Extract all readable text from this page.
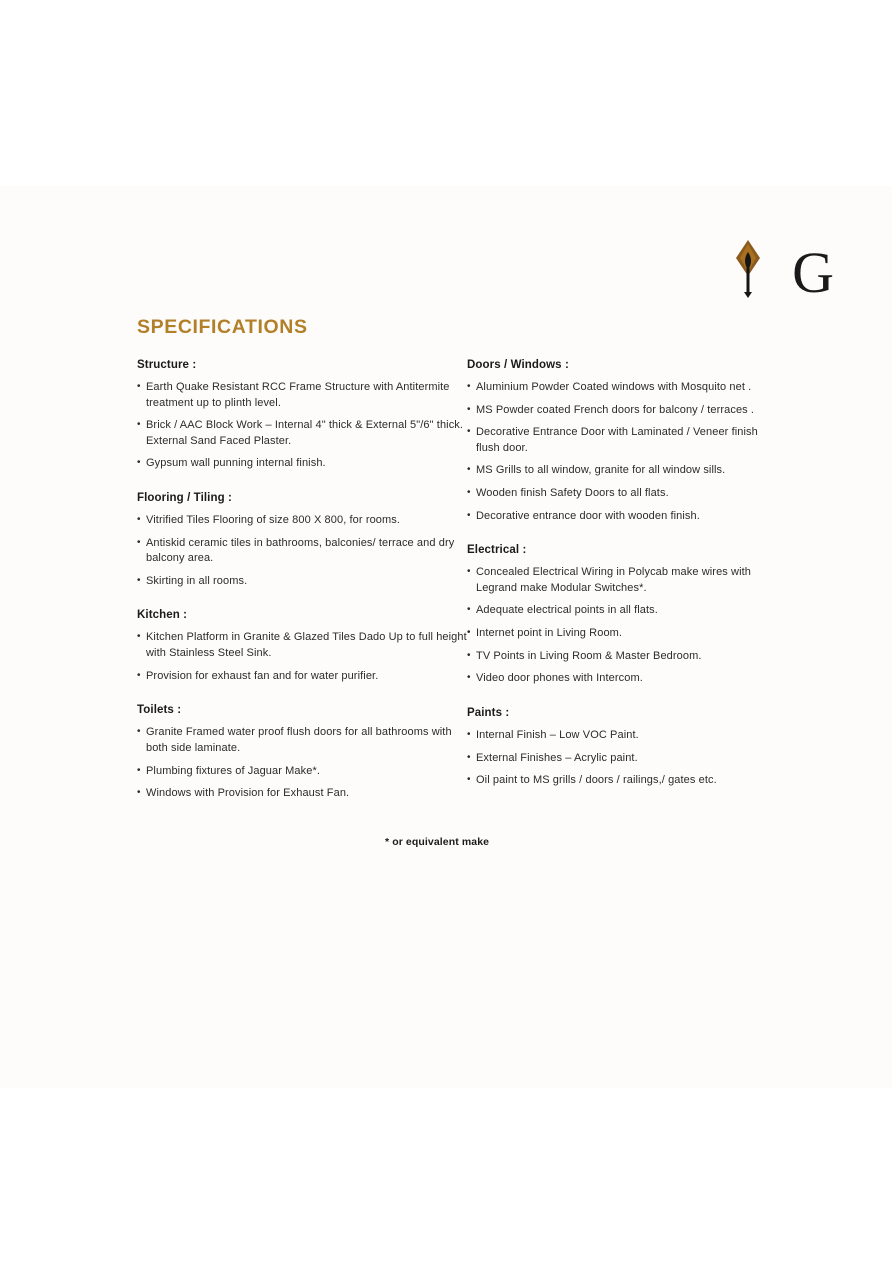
G
SPECIFICATIONS
Structure :
• Earth Quake Resistant RCC Frame Structure with Antitermite treatment up to plinth level.
• Brick / AAC Block Work – Internal 4" thick & External 5"/6" thick. External Sand Faced Plaster.
• Gypsum wall punning internal finish.
Flooring / Tiling :
• Vitrified Tiles Flooring of size 800 X 800, for rooms.
• Antiskid ceramic tiles in bathrooms, balconies/ terrace and dry balcony area.
• Skirting in all rooms.
Kitchen :
• Kitchen Platform in Granite & Glazed Tiles Dado Up to full height with Stainless Steel Sink.
• Provision for exhaust fan and for water purifier.
Toilets :
• Granite Framed water proof flush doors for all bathrooms with both side laminate.
• Plumbing fixtures of Jaguar Make*.
• Windows with Provision for Exhaust Fan.
Doors / Windows :
• Aluminium Powder Coated windows with Mosquito net .
• MS Powder coated French doors for balcony / terraces .
• Decorative Entrance Door with Laminated / Veneer finish flush door.
• MS Grills to all window, granite for all window sills.
• Wooden finish Safety Doors to all flats.
• Decorative entrance door with wooden finish.
Electrical :
• Concealed Electrical Wiring in Polycab make wires with Legrand make Modular Switches*.
• Adequate electrical points in all flats.
• Internet point in Living Room.
• TV Points in Living Room & Master Bedroom.
• Video door phones with Intercom.
Paints :
• Internal Finish – Low VOC Paint.
• External Finishes – Acrylic paint.
• Oil paint to MS grills / doors / railings,/ gates etc.
* or equivalent make
